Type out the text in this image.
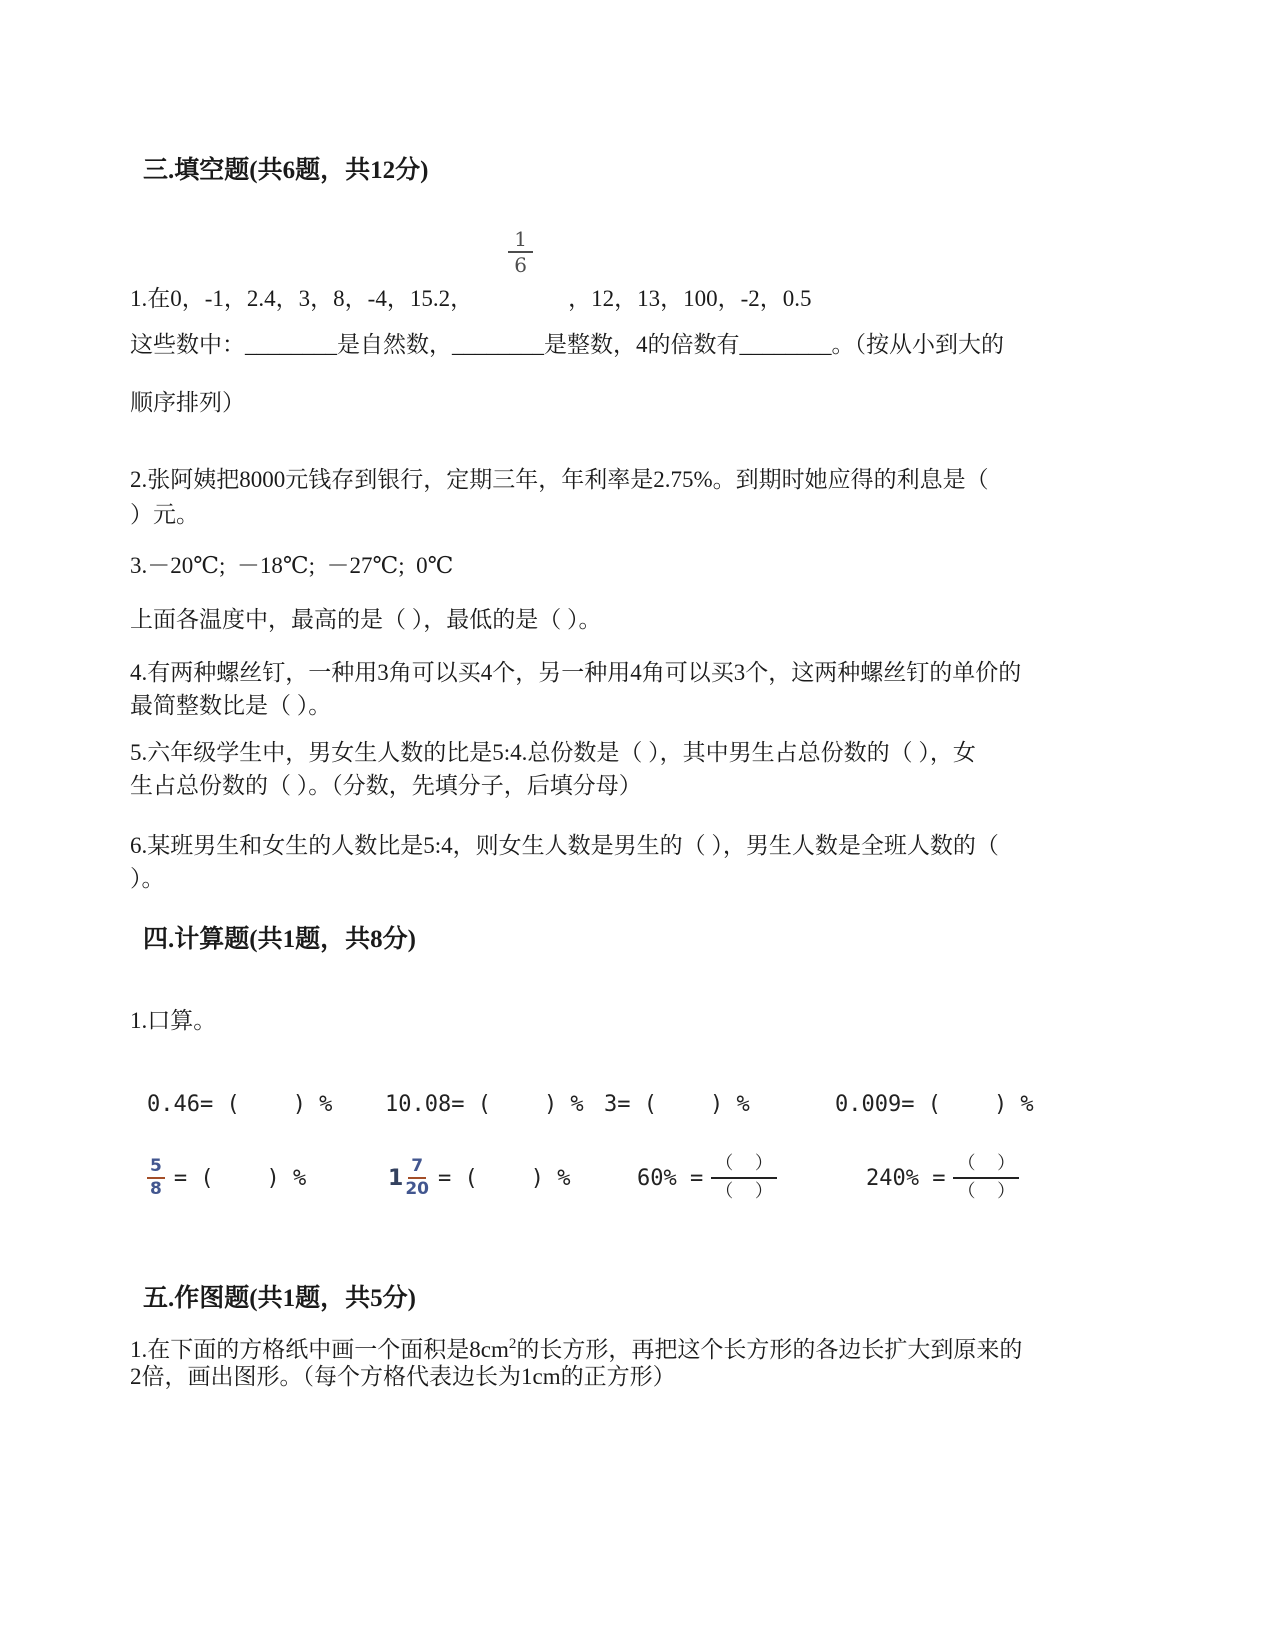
三.填空题(共6题，共12分)
1.在0，-1，2.4，3，8，-4，15.2，
$\frac{1}{6}$
，12，13，100，-2，0.5
这些数中：________是自然数，________是整数，4的倍数有________。（按从小到大的
顺序排列）
2.张阿姨把8000元钱存到银行，定期三年，年利率是2.75%。到期时她应得的利息是（
）元。
3.－20℃;  －18℃;  －27℃;  0℃
上面各温度中，最高的是（ ），最低的是（ ）。
4.有两种螺丝钉，一种用3角可以买4个，另一种用4角可以买3个，这两种螺丝钉的单价的
最简整数比是（ ）。
5.六年级学生中，男女生人数的比是5:4.总份数是（ ），其中男生占总份数的（ ），女
生占总份数的（ ）。（分数，先填分子，后填分母）
6.某班男生和女生的人数比是5:4，则女生人数是男生的（ ），男生人数是全班人数的（
）。
四.计算题(共1题，共8分)
1.口算。
0.46= (    ) % 10.08= (    ) % 3= (    ) %	0.009= (    ) %
$\frac{5}{8}$ = (    ) %	$1 \frac{7}{20}$ = (    ) %	60% =
（  ）
（  ）
240% =
（  ）
（  ）
五.作图题(共1题，共5分)
1.在下面的方格纸中画一个面积是$8cm^2$的长方形，再把这个长方形的各边长扩大到原来的
2倍，画出图形。（每个方格代表边长为1cm的正方形）
